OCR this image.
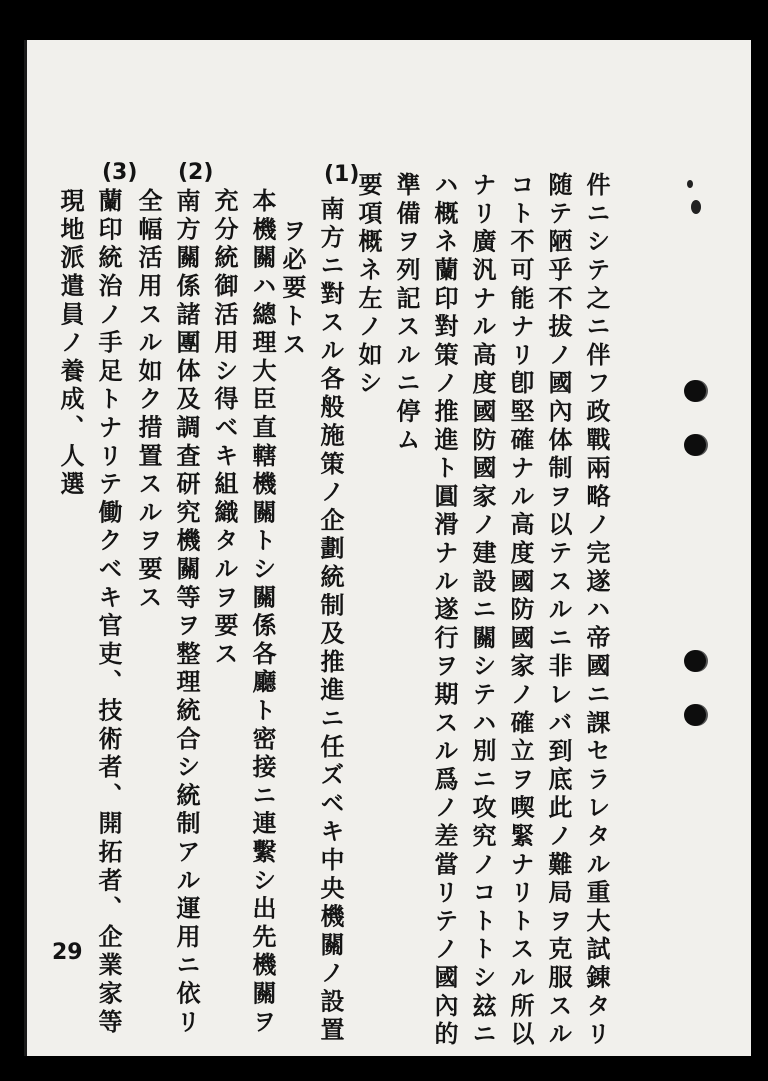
件ニシテ之ニ伴フ政戰兩略ノ完遂ハ帝國ニ課セラレタル重大試錬タリ
随テ陋乎不拔ノ國內体制ヲ以テスルニ非レバ到底此ノ難局ヲ克服スル
コト不可能ナリ卽堅確ナル高度國防國家ノ確立ヲ喫緊ナリトスル所以
ナリ廣汎ナル高度國防國家ノ建設ニ關シテハ別ニ攻究ノコトトシ玆ニ
ハ概ネ蘭印對策ノ推進ト圓滑ナル遂行ヲ期スル爲ノ差當リテノ國內的
準備ヲ列記スルニ停ム
要項概ネ左ノ如シ
(1)
南方ニ對スル各般施策ノ企劃統制及推進ニ任ズベキ中央機關ノ設置
ヲ必要トス
本機關ハ總理大臣直轄機關トシ關係各廳ト密接ニ連繫シ出先機關ヲ
充分統御活用シ得ベキ組織タルヲ要ス
(2)
南方關係諸團体及調査研究機關等ヲ整理統合シ統制アル運用ニ依リ
全幅活用スル如ク措置スルヲ要ス
(3)
蘭印統治ノ手足トナリテ働クベキ官吏、技術者、開拓者、企業家等
現地派遣員ノ養成、人選
29
